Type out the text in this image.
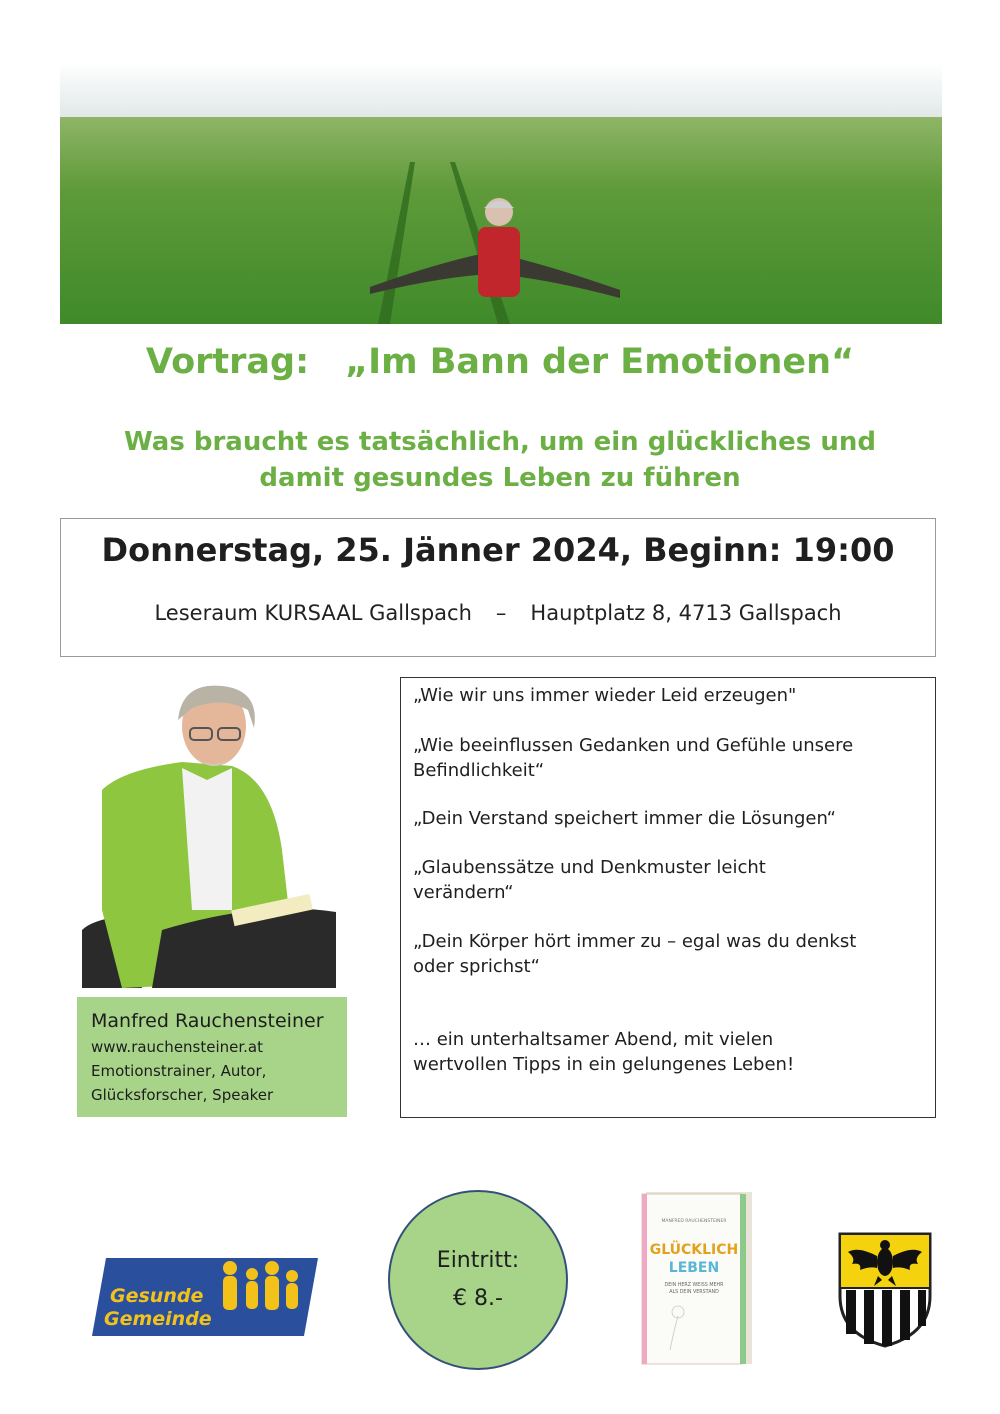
Vortrag: „Im Bann der Emotionen“
Was braucht es tatsächlich, um ein glückliches und
damit gesundes Leben zu führen
Donnerstag, 25. Jänner 2024, Beginn: 19:00
Leseraum KURSAAL Gallspach – Hauptplatz 8, 4713 Gallspach
Manfred Rauchensteiner
www.rauchensteiner.at
Emotionstrainer, Autor,
Glücksforscher, Speaker
„Wie wir uns immer wieder Leid erzeugen"
„Wie beeinflussen Gedanken und Gefühle unsere
Befindlichkeit“
„Dein Verstand speichert immer die Lösungen“
„Glaubenssätze und Denkmuster leicht
verändern“
„Dein Körper hört immer zu – egal was du denkst
oder sprichst“
… ein unterhaltsamer Abend, mit vielen
wertvollen Tipps in ein gelungenes Leben!
Gesunde
Gemeinde
Eintritt:
€ 8.-
MANFRED RAUCHENSTEINER
GLÜCKLICH
LEBEN
DEIN HERZ WEISS MEHR
ALS DEIN VERSTAND
